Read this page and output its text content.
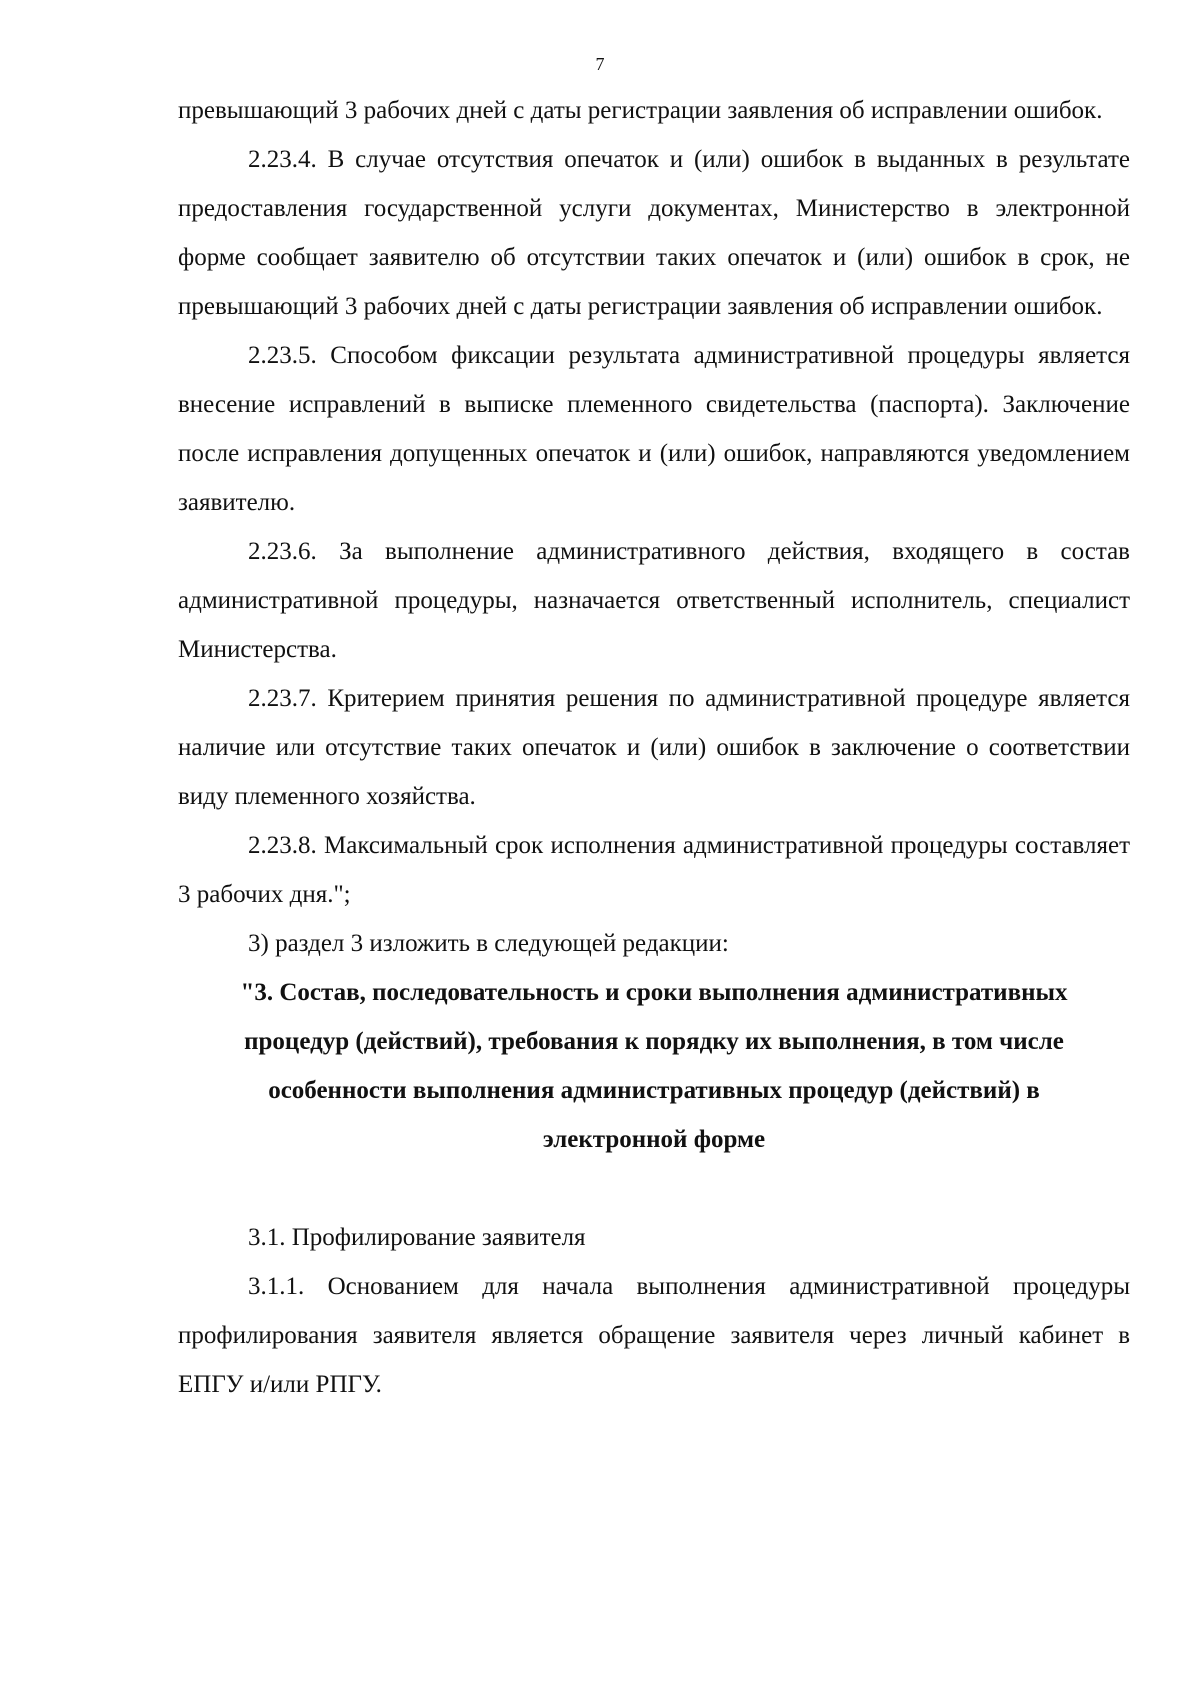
7

превышающий 3 рабочих дней с даты регистрации заявления об исправлении ошибок.

2.23.4. В случае отсутствия опечаток и (или) ошибок в выданных в результате предоставления государственной услуги документах, Министерство в электронной форме сообщает заявителю об отсутствии таких опечаток и (или) ошибок в срок, не превышающий 3 рабочих дней с даты регистрации заявления об исправлении ошибок.

2.23.5. Способом фиксации результата административной процедуры является внесение исправлений в выписке племенного свидетельства (паспорта). Заключение после исправления допущенных опечаток и (или) ошибок, направляются уведомлением заявителю.

2.23.6. За выполнение административного действия, входящего в состав административной процедуры, назначается ответственный исполнитель, специалист Министерства.

2.23.7. Критерием принятия решения по административной процедуре является наличие или отсутствие таких опечаток и (или) ошибок в заключение о соответствии виду племенного хозяйства.

2.23.8. Максимальный срок исполнения административной процедуры составляет 3 рабочих дня.";

3) раздел 3 изложить в следующей редакции:

"3. Состав, последовательность и сроки выполнения административных процедур (действий), требования к порядку их выполнения, в том числе особенности выполнения административных процедур (действий) в электронной форме

3.1. Профилирование заявителя

3.1.1. Основанием для начала выполнения административной процедуры профилирования заявителя является обращение заявителя через личный кабинет в ЕПГУ и/или РПГУ.
